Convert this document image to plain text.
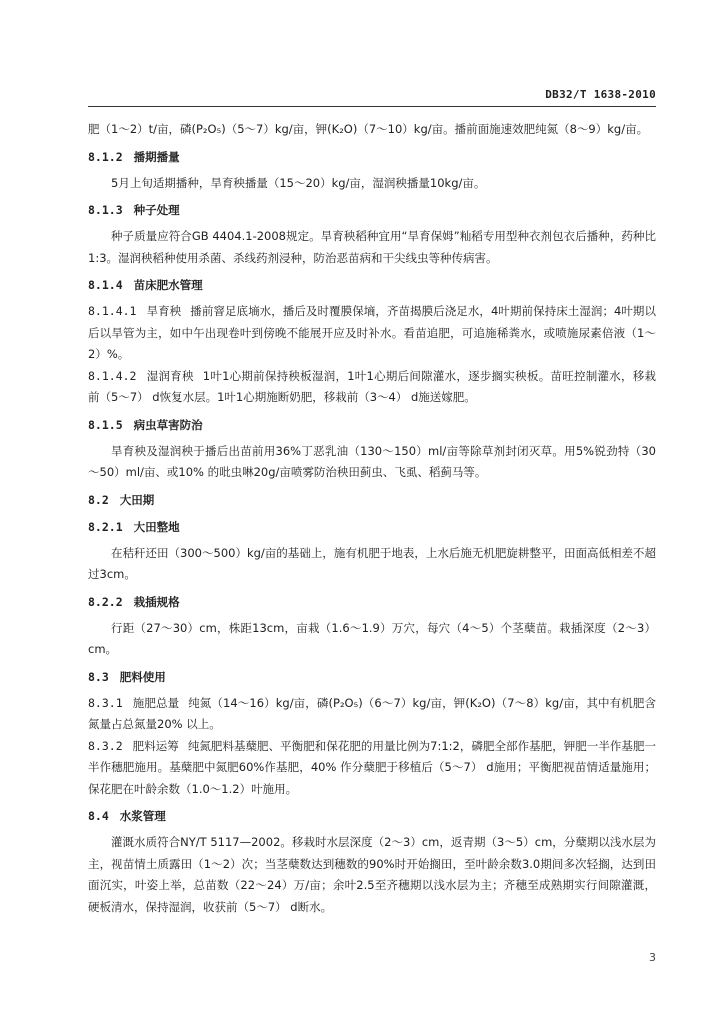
DB32/T 1638-2010

肥（1～2）t/亩，磷(P₂O₅)（5～7）kg/亩，钾(K₂O)（7～10）kg/亩。播前面施速效肥纯氮（8～9）kg/亩。

8.1.2 播期播量

5月上旬适期播种，旱育秧播量（15～20）kg/亩，湿润秧播量10kg/亩。

8.1.3 种子处理

种子质量应符合GB 4404.1-2008规定。旱育秧稻种宜用“旱育保姆”籼稻专用型种衣剂包衣后播种，药种比1:3。湿润秧稻种使用杀菌、杀线药剂浸种，防治恶苗病和干尖线虫等种传病害。

8.1.4 苗床肥水管理

8.1.4.1 旱育秧 播前窨足底墒水，播后及时覆膜保墒，齐苗揭膜后浇足水，4叶期前保持床土湿润；4叶期以后以旱管为主，如中午出现卷叶到傍晚不能展开应及时补水。看苗追肥，可追施稀粪水，或喷施尿素倍液（1～2）%。

8.1.4.2 湿润育秧 1叶1心期前保持秧板湿润，1叶1心期后间隙灌水，逐步搁实秧板。苗旺控制灌水，移栽前（5～7） d恢复水层。1叶1心期施断奶肥，移栽前（3～4） d施送嫁肥。

8.1.5 病虫草害防治

旱育秧及湿润秧于播后出苗前用36%丁恶乳油（130～150）ml/亩等除草剂封闭灭草。用5%锐劲特（30～50）ml/亩、或10% 的吡虫啉20g/亩喷雾防治秧田蓟虫、飞虱、稻蓟马等。

8.2 大田期
8.2.1 大田整地

在秸秆还田（300～500）kg/亩的基础上，施有机肥于地表，上水后施无机肥旋耕整平，田面高低相差不超过3cm。

8.2.2 栽插规格

行距（27～30）cm，株距13cm，亩栽（1.6～1.9）万穴，每穴（4～5）个茎蘖苗。栽插深度（2～3）cm。

8.3 肥料使用

8.3.1 施肥总量 纯氮（14～16）kg/亩，磷(P₂O₅)（6～7）kg/亩，钾(K₂O)（7～8）kg/亩，其中有机肥含氮量占总氮量20% 以上。

8.3.2 肥料运筹 纯氮肥料基蘖肥、平衡肥和保花肥的用量比例为7:1:2，磷肥全部作基肥，钾肥一半作基肥一半作穗肥施用。基蘖肥中氮肥60%作基肥，40% 作分蘖肥于移植后（5～7） d施用；平衡肥视苗情适量施用；保花肥在叶龄余数（1.0～1.2）叶施用。

8.4 水浆管理

灌溉水质符合NY/T 5117—2002。移栽时水层深度（2～3）cm，返青期（3～5）cm，分蘖期以浅水层为主，视苗情土质露田（1～2）次；当茎蘖数达到穗数的90%时开始搁田，至叶龄余数3.0期间多次轻搁，达到田面沉实，叶姿上举，总苗数（22～24）万/亩；余叶2.5至齐穗期以浅水层为主；齐穗至成熟期实行间隙灌溉，硬板清水，保持湿润，收获前（5～7） d断水。

3
